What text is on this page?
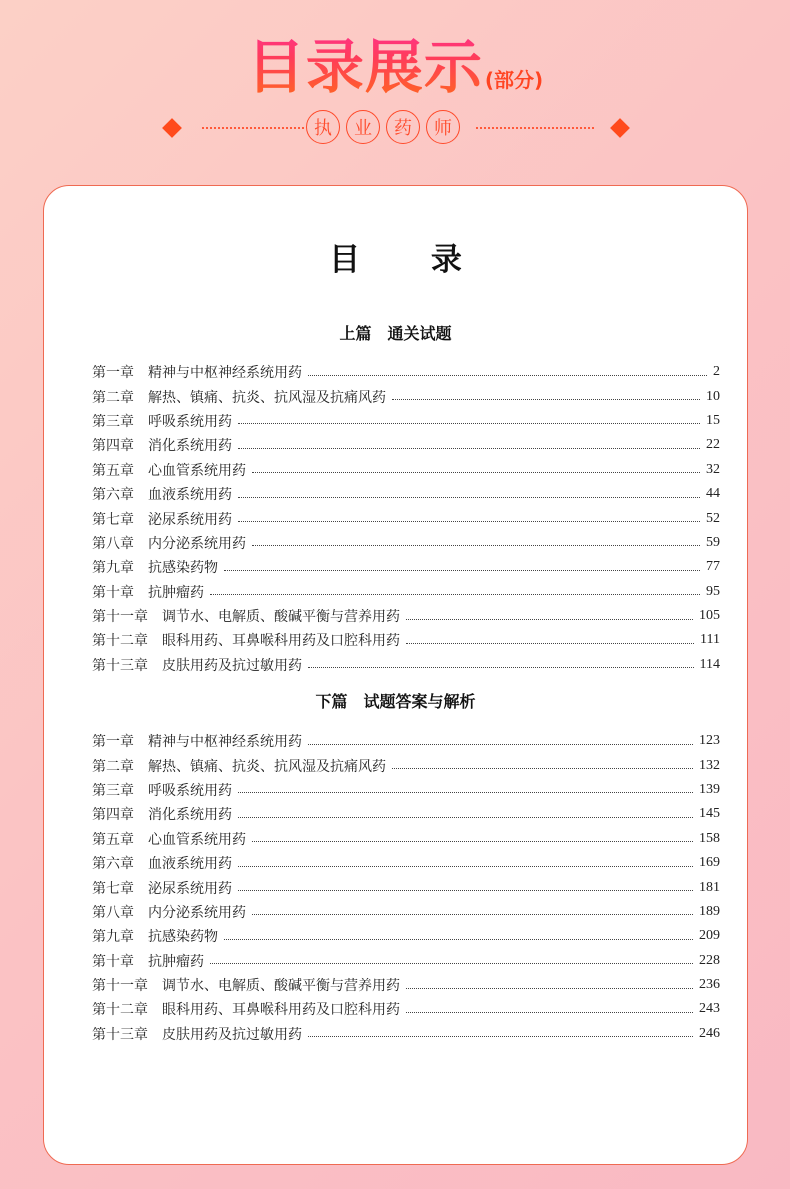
目录展示 (部分)
执	业	药	师
目 录
上篇　通关试题
第一章 精神与中枢神经系统用药	2
第二章 解热、镇痛、抗炎、抗风湿及抗痛风药	10
第三章 呼吸系统用药	15
第四章 消化系统用药	22
第五章 心血管系统用药	32
第六章 血液系统用药	44
第七章 泌尿系统用药	52
第八章 内分泌系统用药	59
第九章 抗感染药物	77
第十章 抗肿瘤药	95
第十一章 调节水、电解质、酸碱平衡与营养用药	105
第十二章 眼科用药、耳鼻喉科用药及口腔科用药	111
第十三章 皮肤用药及抗过敏用药	114
下篇　试题答案与解析
第一章 精神与中枢神经系统用药	123
第二章 解热、镇痛、抗炎、抗风湿及抗痛风药	132
第三章 呼吸系统用药	139
第四章 消化系统用药	145
第五章 心血管系统用药	158
第六章 血液系统用药	169
第七章 泌尿系统用药	181
第八章 内分泌系统用药	189
第九章 抗感染药物	209
第十章 抗肿瘤药	228
第十一章 调节水、电解质、酸碱平衡与营养用药	236
第十二章 眼科用药、耳鼻喉科用药及口腔科用药	243
第十三章 皮肤用药及抗过敏用药	246
